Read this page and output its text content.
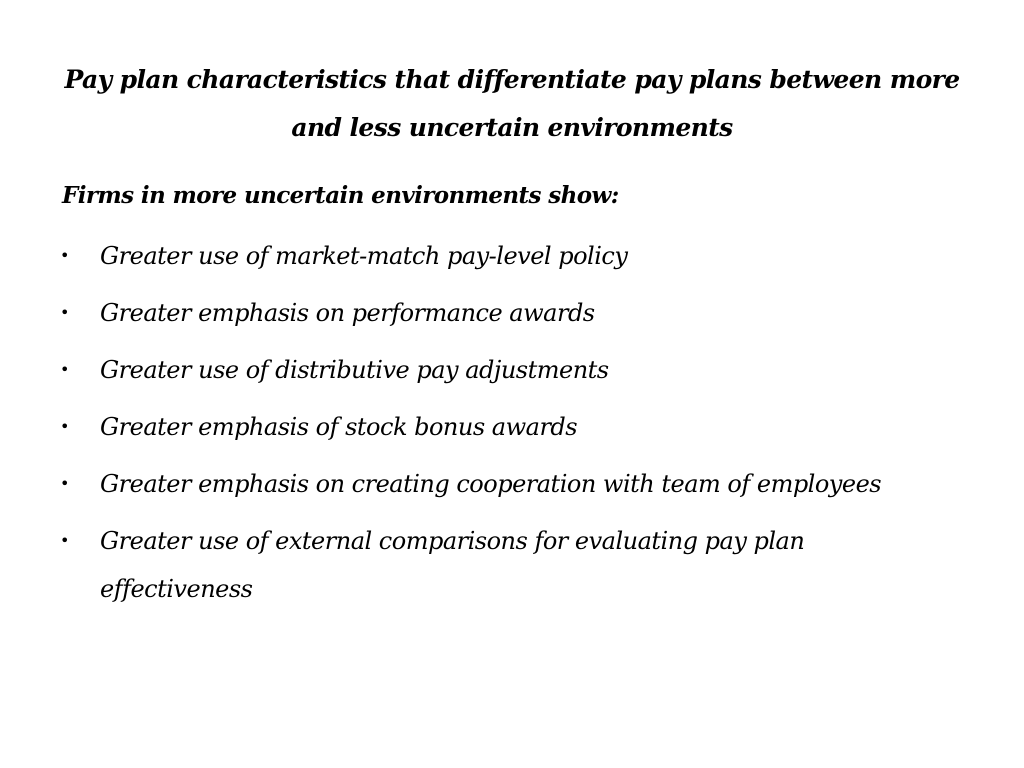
Pay plan characteristics that differentiate pay plans between more and less uncertain environments

Firms in more uncertain environments show:

•	Greater use of market-match pay-level policy
•	Greater emphasis on performance awards
•	Greater use of distributive pay adjustments
•	Greater emphasis of stock bonus awards
•	Greater emphasis on creating cooperation with team of employees
•	Greater use of external comparisons for evaluating pay plan effectiveness
